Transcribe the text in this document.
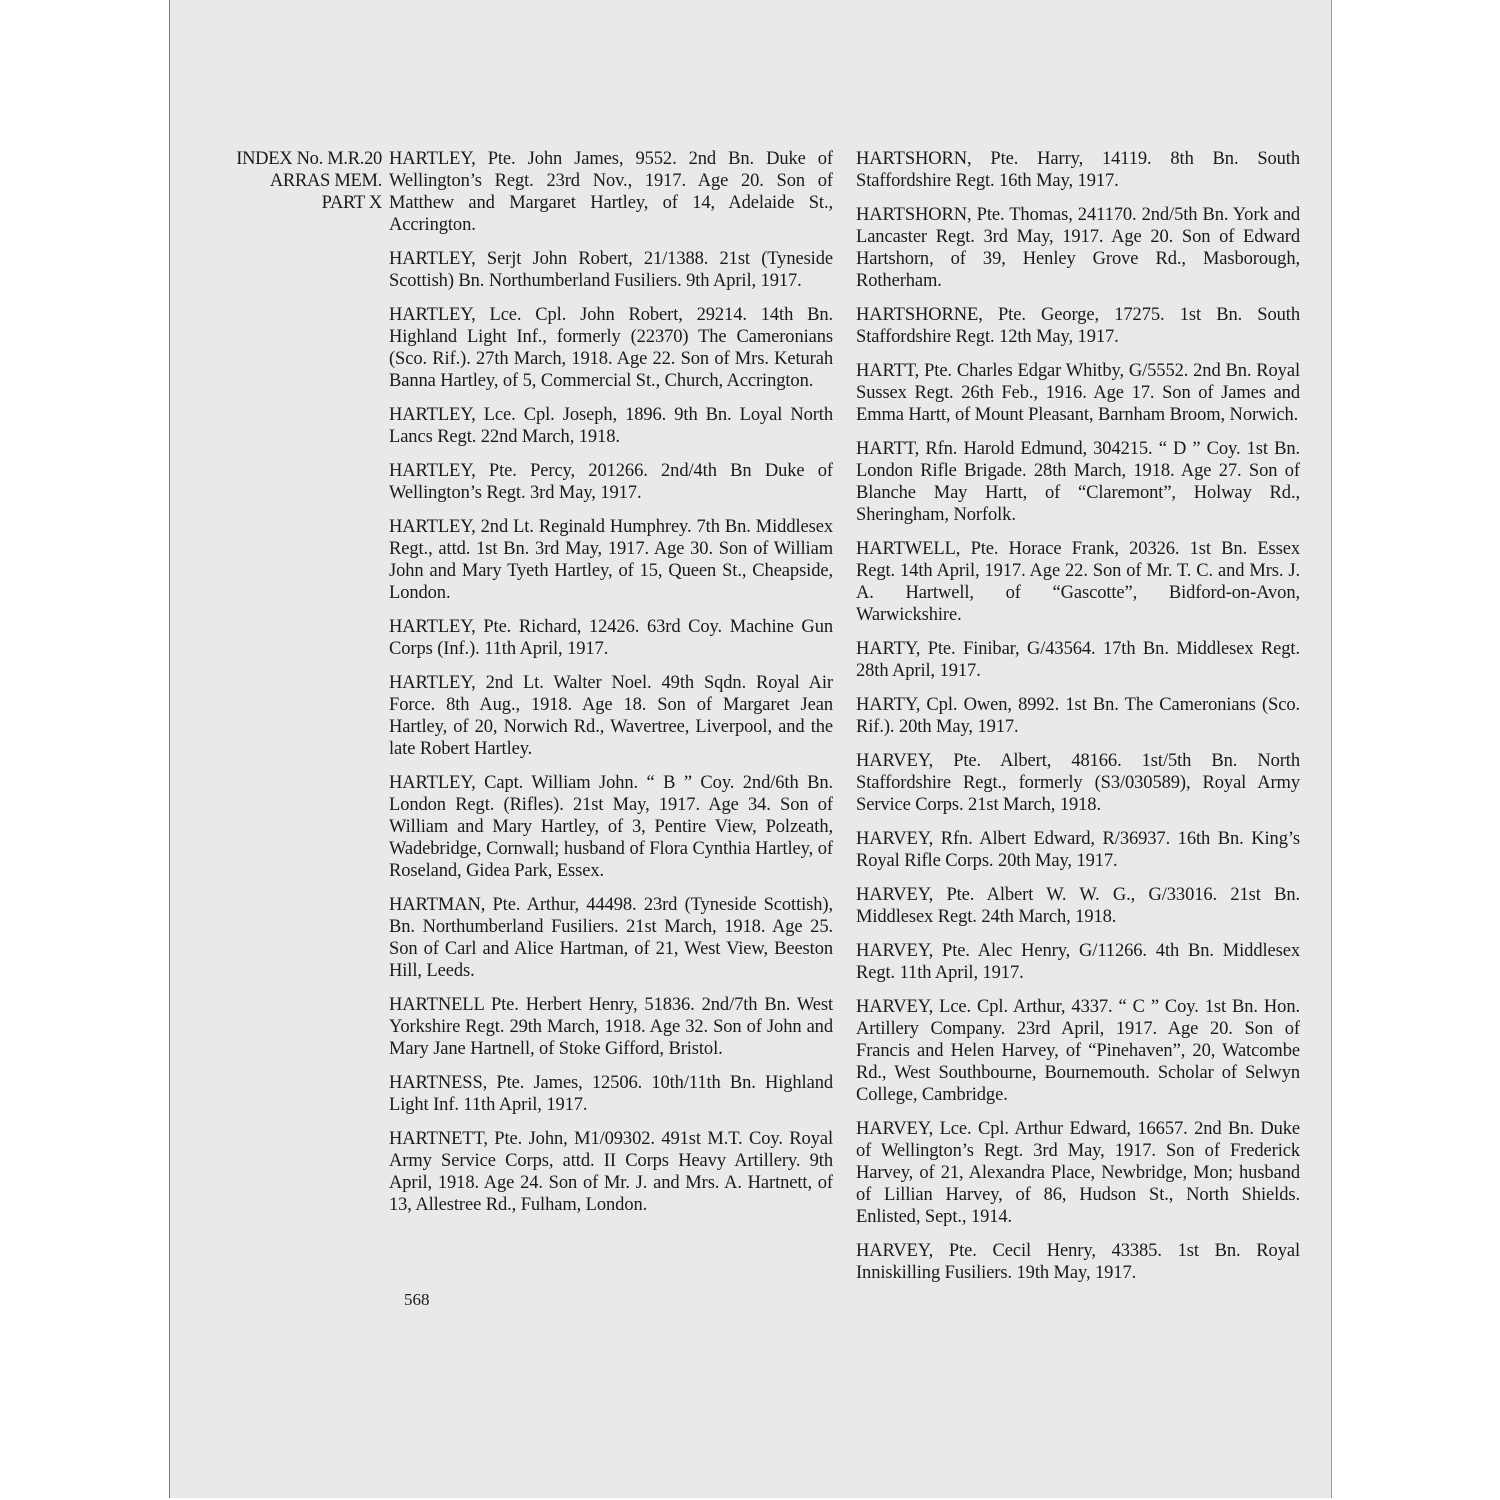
INDEX No. M.R.20
ARRAS MEM.
PART X

HARTLEY, Pte. John James, 9552. 2nd Bn. Duke of Wellington’s Regt. 23rd Nov., 1917. Age 20. Son of Matthew and Margaret Hartley, of 14, Adelaide St., Accrington.

HARTLEY, Serjt John Robert, 21/1388. 21st (Tyneside Scottish) Bn. Northumberland Fusiliers. 9th April, 1917.

HARTLEY, Lce. Cpl. John Robert, 29214. 14th Bn. Highland Light Inf., formerly (22370) The Cameronians (Sco. Rif.). 27th March, 1918. Age 22. Son of Mrs. Keturah Banna Hartley, of 5, Commercial St., Church, Accrington.

HARTLEY, Lce. Cpl. Joseph, 1896. 9th Bn. Loyal North Lancs Regt. 22nd March, 1918.

HARTLEY, Pte. Percy, 201266. 2nd/4th Bn Duke of Wellington’s Regt. 3rd May, 1917.

HARTLEY, 2nd Lt. Reginald Humphrey. 7th Bn. Middlesex Regt., attd. 1st Bn. 3rd May, 1917. Age 30. Son of William John and Mary Tyeth Hartley, of 15, Queen St., Cheapside, London.

HARTLEY, Pte. Richard, 12426. 63rd Coy. Machine Gun Corps (Inf.). 11th April, 1917.

HARTLEY, 2nd Lt. Walter Noel. 49th Sqdn. Royal Air Force. 8th Aug., 1918. Age 18. Son of Margaret Jean Hartley, of 20, Norwich Rd., Wavertree, Liverpool, and the late Robert Hartley.

HARTLEY, Capt. William John. “ B ” Coy. 2nd/6th Bn. London Regt. (Rifles). 21st May, 1917. Age 34. Son of William and Mary Hartley, of 3, Pentire View, Polzeath, Wadebridge, Cornwall; husband of Flora Cynthia Hartley, of Roseland, Gidea Park, Essex.

HARTMAN, Pte. Arthur, 44498. 23rd (Tyneside Scottish), Bn. Northumberland Fusiliers. 21st March, 1918. Age 25. Son of Carl and Alice Hartman, of 21, West View, Beeston Hill, Leeds.

HARTNELL Pte. Herbert Henry, 51836. 2nd/7th Bn. West Yorkshire Regt. 29th March, 1918. Age 32. Son of John and Mary Jane Hartnell, of Stoke Gifford, Bristol.

HARTNESS, Pte. James, 12506. 10th/11th Bn. Highland Light Inf. 11th April, 1917.

HARTNETT, Pte. John, M1/09302. 491st M.T. Coy. Royal Army Service Corps, attd. II Corps Heavy Artillery. 9th April, 1918. Age 24. Son of Mr. J. and Mrs. A. Hartnett, of 13, Allestree Rd., Fulham, London.

HARTSHORN, Pte. Harry, 14119. 8th Bn. South Staffordshire Regt. 16th May, 1917.

HARTSHORN, Pte. Thomas, 241170. 2nd/5th Bn. York and Lancaster Regt. 3rd May, 1917. Age 20. Son of Edward Hartshorn, of 39, Henley Grove Rd., Masborough, Rotherham.

HARTSHORNE, Pte. George, 17275. 1st Bn. South Staffordshire Regt. 12th May, 1917.

HARTT, Pte. Charles Edgar Whitby, G/5552. 2nd Bn. Royal Sussex Regt. 26th Feb., 1916. Age 17. Son of James and Emma Hartt, of Mount Pleasant, Barnham Broom, Norwich.

HARTT, Rfn. Harold Edmund, 304215. “ D ” Coy. 1st Bn. London Rifle Brigade. 28th March, 1918. Age 27. Son of Blanche May Hartt, of “Claremont”, Holway Rd., Sheringham, Norfolk.

HARTWELL, Pte. Horace Frank, 20326. 1st Bn. Essex Regt. 14th April, 1917. Age 22. Son of Mr. T. C. and Mrs. J. A. Hartwell, of “Gascotte”, Bidford-on-Avon, Warwickshire.

HARTY, Pte. Finibar, G/43564. 17th Bn. Middlesex Regt. 28th April, 1917.

HARTY, Cpl. Owen, 8992. 1st Bn. The Cameronians (Sco. Rif.). 20th May, 1917.

HARVEY, Pte. Albert, 48166. 1st/5th Bn. North Staffordshire Regt., formerly (S3/030589), Royal Army Service Corps. 21st March, 1918.

HARVEY, Rfn. Albert Edward, R/36937. 16th Bn. King’s Royal Rifle Corps. 20th May, 1917.

HARVEY, Pte. Albert W. W. G., G/33016. 21st Bn. Middlesex Regt. 24th March, 1918.

HARVEY, Pte. Alec Henry, G/11266. 4th Bn. Middlesex Regt. 11th April, 1917.

HARVEY, Lce. Cpl. Arthur, 4337. “ C ” Coy. 1st Bn. Hon. Artillery Company. 23rd April, 1917. Age 20. Son of Francis and Helen Harvey, of “Pinehaven”, 20, Watcombe Rd., West Southbourne, Bournemouth. Scholar of Selwyn College, Cambridge.

HARVEY, Lce. Cpl. Arthur Edward, 16657. 2nd Bn. Duke of Wellington’s Regt. 3rd May, 1917. Son of Frederick Harvey, of 21, Alexandra Place, Newbridge, Mon; husband of Lillian Harvey, of 86, Hudson St., North Shields. Enlisted, Sept., 1914.

HARVEY, Pte. Cecil Henry, 43385. 1st Bn. Royal Inniskilling Fusiliers. 19th May, 1917.

568
